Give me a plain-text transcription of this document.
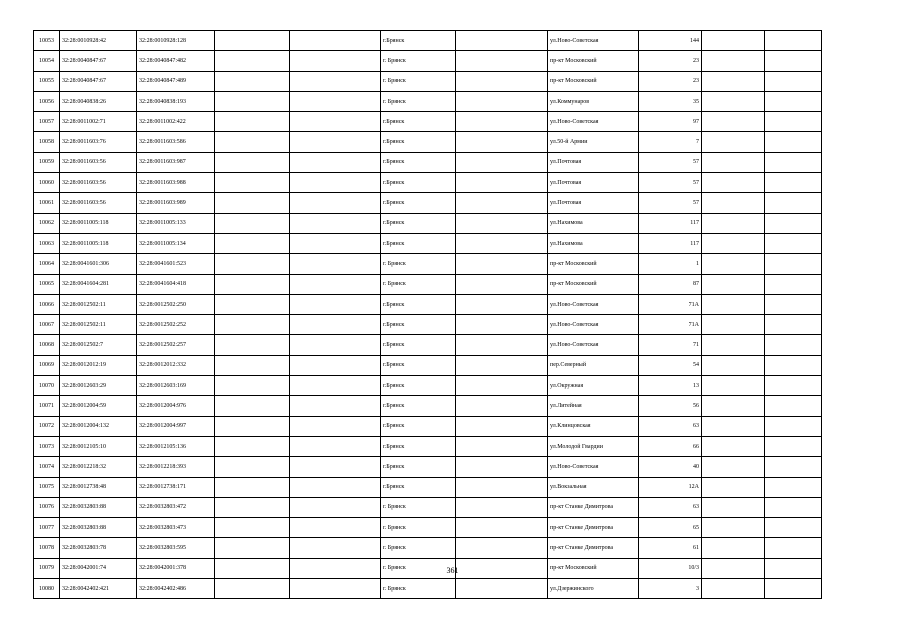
10053	32:28:0010928:42	32:28:0010928:128			г.Брянск		ул.Ново-Советская	144		
10054	32:28:0040847:67	32:28:0040847:482			г. Брянск		пр-кт Московский	23		
10055	32:28:0040847:67	32:28:0040847:489			г. Брянск		пр-кт Московский	23		
10056	32:28:0040838:26	32:28:0040838:193			г. Брянск		ул.Коммунаров	35		
10057	32:28:0011002:71	32:28:0011002:422			г.Брянск		ул.Ново-Советская	97		
10058	32:28:0011603:76	32:28:0011603:586			г.Брянск		ул.50-й Армии	7		
10059	32:28:0011603:56	32:28:0011603:987			г.Брянск		ул.Почтовая	57		
10060	32:28:0011603:56	32:28:0011603:988			г.Брянск		ул.Почтовая	57		
10061	32:28:0011603:56	32:28:0011603:989			г.Брянск		ул.Почтовая	57		
10062	32:28:0011005:118	32:28:0011005:133			г.Брянск		ул.Нахимова	117		
10063	32:28:0011005:118	32:28:0011005:134			г.Брянск		ул.Нахимова	117		
10064	32:28:0041601:306	32:28:0041601:523			г. Брянск		пр-кт Московский	1		
10065	32:28:0041604:281	32:28:0041604:418			г. Брянск		пр-кт Московский	87		
10066	32:28:0012502:11	32:28:0012502:250			г.Брянск		ул.Ново-Советская	71А		
10067	32:28:0012502:11	32:28:0012502:252			г.Брянск		ул.Ново-Советская	71А		
10068	32:28:0012502:7	32:28:0012502:257			г.Брянск		ул.Ново-Советская	71		
10069	32:28:0012012:19	32:28:0012012:332			г.Брянск		пер.Северный	54		
10070	32:28:0012603:29	32:28:0012603:169			г.Брянск		ул.Окружная	13		
10071	32:28:0012004:59	32:28:0012004:976			г.Брянск		ул.Литейная	56		
10072	32:28:0012004:132	32:28:0012004:997			г.Брянск		ул.Клинцовская	63		
10073	32:28:0012105:10	32:28:0012105:136			г.Брянск		ул.Молодой Гвардии	66		
10074	32:28:0012218:32	32:28:0012218:393			г.Брянск		ул.Ново-Советская	40		
10075	32:28:0012738:48	32:28:0012738:171			г.Брянск		ул.Вокзальная	12А		
10076	32:28:0032803:88	32:28:0032803:472			г. Брянск		пр-кт Станке Димитрова	63		
10077	32:28:0032803:88	32:28:0032803:473			г. Брянск		пр-кт Станке Димитрова	65		
10078	32:28:0032803:78	32:28:0032803:595			г. Брянск		пр-кт Станке Димитрова	61		
10079	32:28:0042001:74	32:28:0042001:378			г. Брянск		пр-кт Московский	10/3		
10080	32:28:0042402:421	32:28:0042402:486			г. Брянск		ул.Дзержинского	3		
361
